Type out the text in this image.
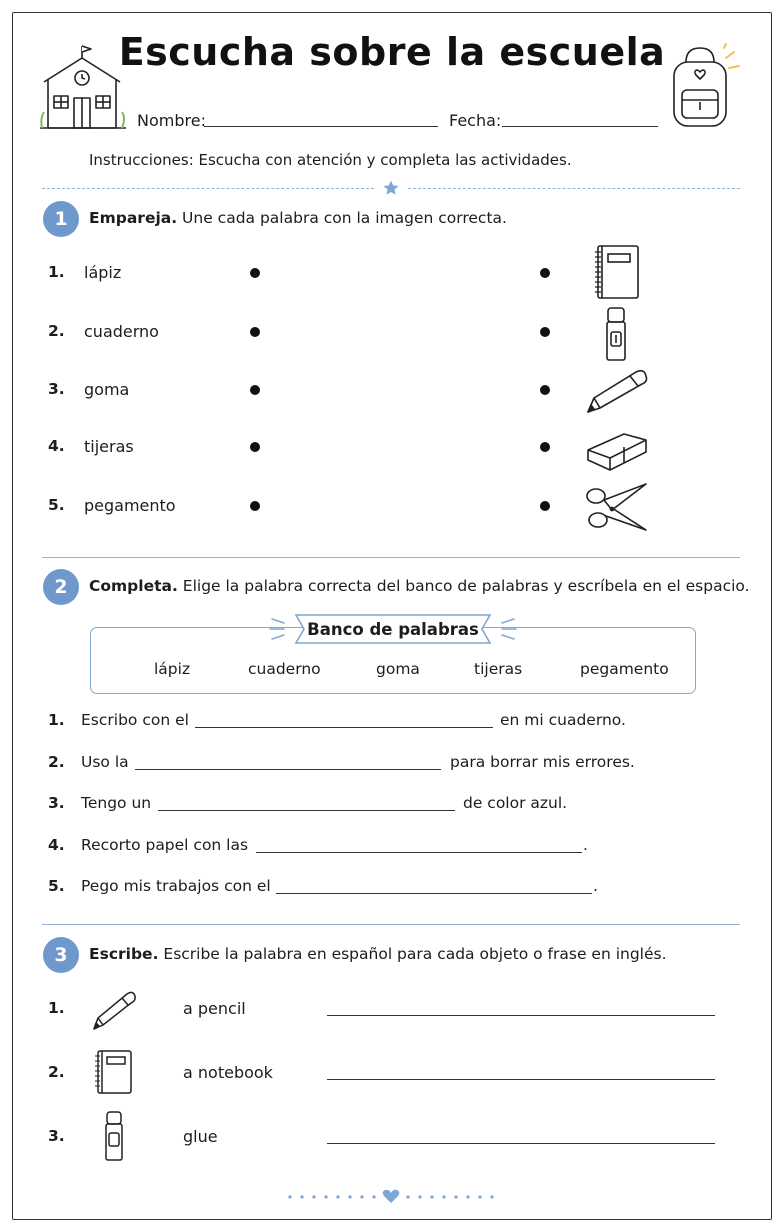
Escucha sobre la escuela
Nombre:	Fecha:
Instrucciones: Escucha con atención y completa las actividades.
1	Empareja. Une cada palabra con la imagen correcta.
1. lápiz
2. cuaderno
3. goma
4. tijeras
5. pegamento
2	Completa. Elige la palabra correcta del banco de palabras y escríbela en el espacio.
Banco de palabras
lápiz	cuaderno	goma	tijeras	pegamento
1. Escribo con el	en mi cuaderno.
2. Uso la	para borrar mis errores.
3. Tengo un	de color azul.
4. Recorto papel con las	.
5. Pego mis trabajos con el	.
3	Escribe. Escribe la palabra en español para cada objeto o frase en inglés.
1.	a pencil
2.	a notebook
3.	glue
